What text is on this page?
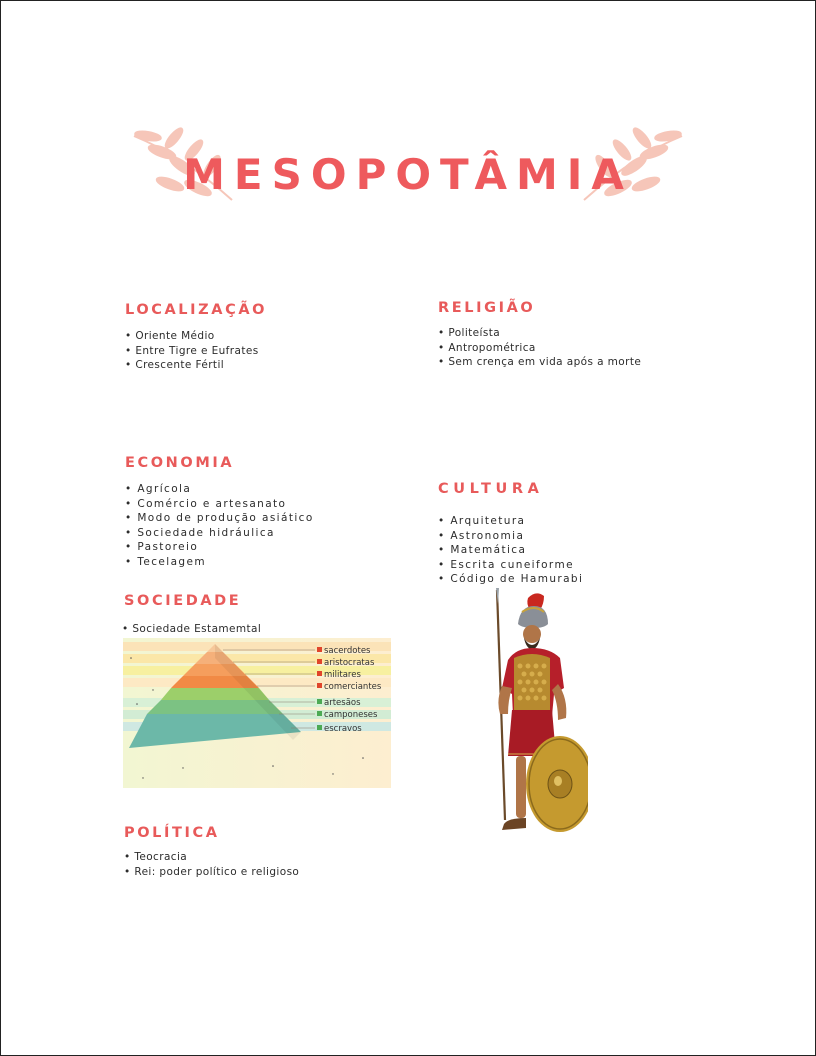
MESOPOTÂMIA
LOCALIZAÇÃO
• Oriente Médio
• Entre Tigre e Eufrates
• Crescente Fértil
RELIGIÃO
• Politeísta
• Antropométrica
• Sem crença em vida após a morte
ECONOMIA
• Agrícola
• Comércio e artesanato
• Modo de produção asiático
• Sociedade hidráulica
• Pastoreio
• Tecelagem
CULTURA
• Arquitetura
• Astronomia
• Matemática
• Escrita cuneiforme
• Código de Hamurabi
SOCIEDADE
• Sociedade Estamemtal
sacerdotes
aristocratas
militares
comerciantes
artesãos
camponeses
escravos
POLÍTICA
• Teocracia
• Rei: poder político e religioso
